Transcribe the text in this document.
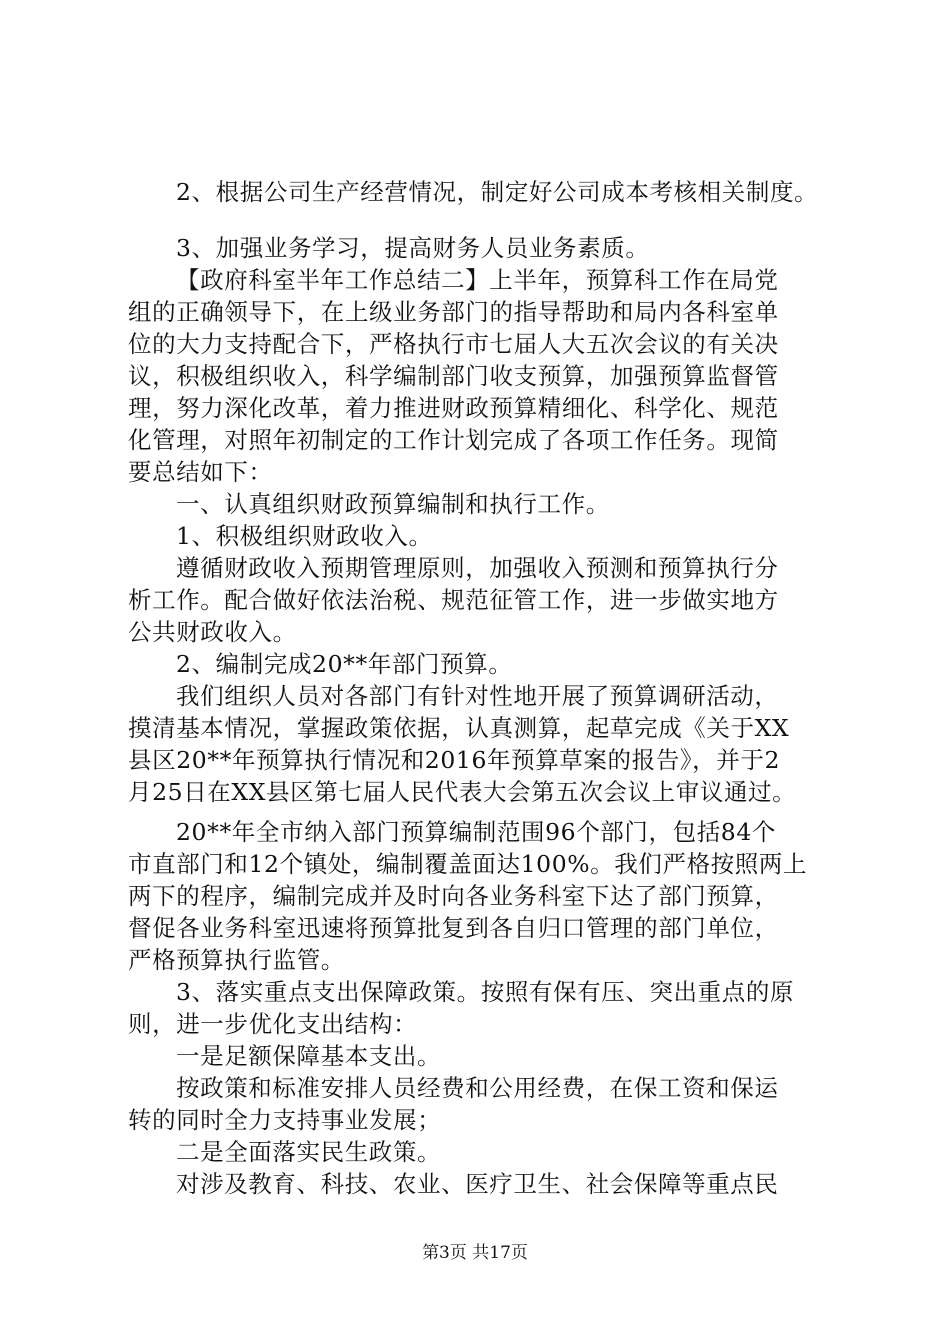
2、根据公司生产经营情况，制定好公司成本考核相关制度。
3、加强业务学习，提高财务人员业务素质。
【政府科室半年工作总结二】上半年，预算科工作在局党
组的正确领导下，在上级业务部门的指导帮助和局内各科室单
位的大力支持配合下，严格执行市七届人大五次会议的有关决
议，积极组织收入，科学编制部门收支预算，加强预算监督管
理，努力深化改革，着力推进财政预算精细化、科学化、规范
化管理，对照年初制定的工作计划完成了各项工作任务。现简
要总结如下：
一、认真组织财政预算编制和执行工作。
1、积极组织财政收入。
遵循财政收入预期管理原则，加强收入预测和预算执行分
析工作。配合做好依法治税、规范征管工作，进一步做实地方
公共财政收入。
2、编制完成20**年部门预算。
我们组织人员对各部门有针对性地开展了预算调研活动，
摸清基本情况，掌握政策依据，认真测算，起草完成《关于XX
县区20**年预算执行情况和2016年预算草案的报告》，并于2
月25日在XX县区第七届人民代表大会第五次会议上审议通过。
20**年全市纳入部门预算编制范围96个部门，包括84个
市直部门和12个镇处，编制覆盖面达100%。我们严格按照两上
两下的程序，编制完成并及时向各业务科室下达了部门预算，
督促各业务科室迅速将预算批复到各自归口管理的部门单位，
严格预算执行监管。
3、落实重点支出保障政策。按照有保有压、突出重点的原
则，进一步优化支出结构：
一是足额保障基本支出。
按政策和标准安排人员经费和公用经费，在保工资和保运
转的同时全力支持事业发展；
二是全面落实民生政策。
对涉及教育、科技、农业、医疗卫生、社会保障等重点民
第3页 共17页
